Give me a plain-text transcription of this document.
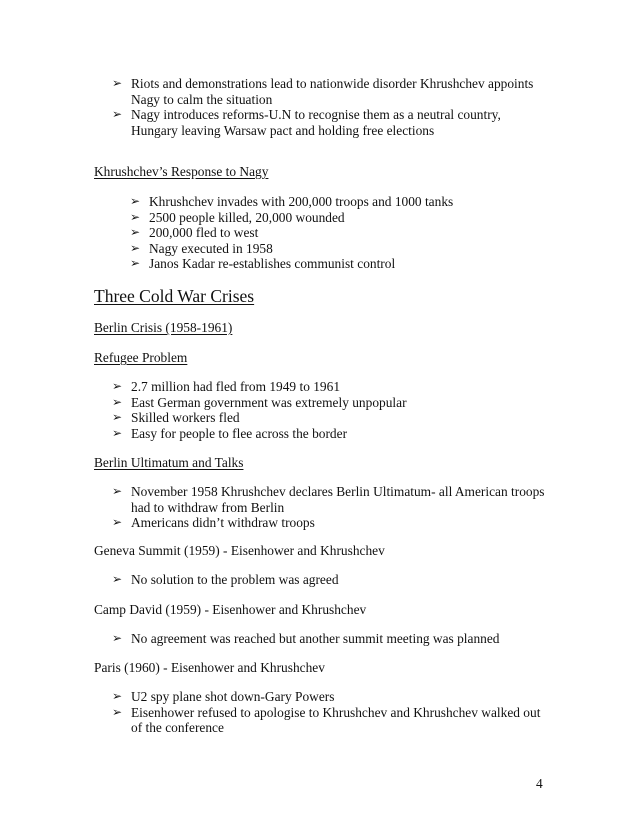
➢ Riots and demonstrations lead to nationwide disorder Khrushchev appoints Nagy to calm the situation
➢ Nagy introduces reforms-U.N to recognise them as a neutral country, Hungary leaving Warsaw pact and holding free elections
Khrushchev’s Response to Nagy
➢ Khrushchev invades with 200,000 troops and 1000 tanks
➢ 2500 people killed, 20,000 wounded
➢ 200,000 fled to west
➢ Nagy executed in 1958
➢ Janos Kadar re-establishes communist control
Three Cold War Crises
Berlin Crisis (1958-1961)
Refugee Problem
➢ 2.7 million had fled from 1949 to 1961
➢ East German government was extremely unpopular
➢ Skilled workers fled
➢ Easy for people to flee across the border
Berlin Ultimatum and Talks
➢ November 1958 Khrushchev declares Berlin Ultimatum- all American troops had to withdraw from Berlin
➢ Americans didn’t withdraw troops
Geneva Summit (1959) - Eisenhower and Khrushchev
➢ No solution to the problem was agreed
Camp David (1959) - Eisenhower and Khrushchev
➢ No agreement was reached but another summit meeting was planned
Paris (1960) - Eisenhower and Khrushchev
➢ U2 spy plane shot down-Gary Powers
➢ Eisenhower refused to apologise to Khrushchev and Khrushchev walked out of the conference
4
